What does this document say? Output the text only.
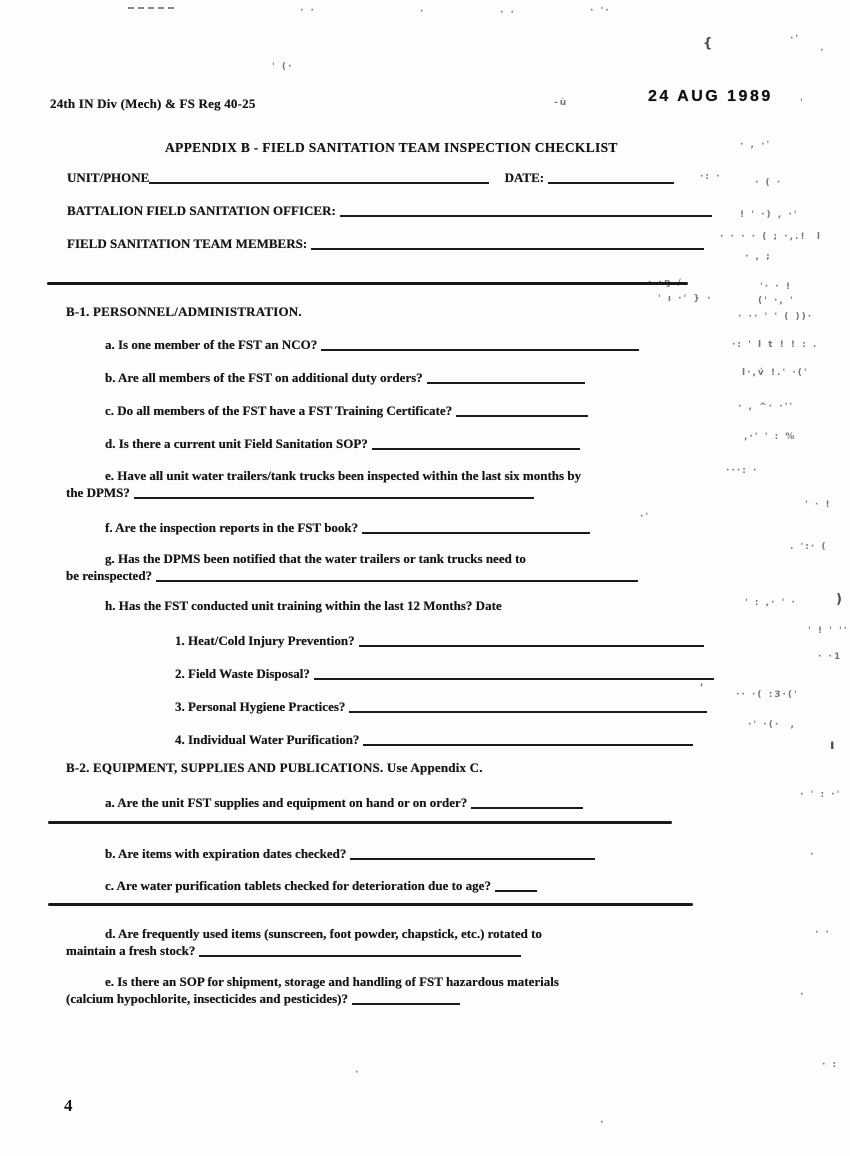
· ·	·	· ·	· '·
{	·'
·
' (·
-ù	'
· , ·'
·: ·
· ( ·
! ' ·) , ·'
· · · · ( ; ·,.!  l
· , ;
' ı ·' } ·
'· · !
(' ·, '
· ·· ' ' ( ))·
·: ' l t ! ! : .
l·,v́ !.' ·('
· , ^· ·''
,·' ' : %
···: ·
' · !
·'
. ':· (
)
' : ,· ' ·
' ! ' ''
· ·1
,
·· ·( :3·('
·' ·(·  ,
ı
· ' : ·'
·
· ·
·
· :
·
·
24th IN Div (Mech) & FS Reg 40-25	24 AUG 1989
APPENDIX B - FIELD SANITATION TEAM INSPECTION CHECKLIST
UNIT/PHONE	DATE:
BATTALION FIELD SANITATION OFFICER:
FIELD SANITATION TEAM MEMBERS:
B-1. PERSONNEL/ADMINISTRATION.
a. Is one member of the FST an NCO?
b. Are all members of the FST on additional duty orders?
c. Do all members of the FST have a FST Training Certificate?
d. Is there a current unit Field Sanitation SOP?
e. Have all unit water trailers/tank trucks been inspected within the last six months by
the DPMS?
f. Are the inspection reports in the FST book?
g. Has the DPMS been notified that the water trailers or tank trucks need to
be reinspected?
h. Has the FST conducted unit training within the last 12 Months? Date
1. Heat/Cold Injury Prevention?
2. Field Waste Disposal?
3. Personal Hygiene Practices?
4. Individual Water Purification?
B-2. EQUIPMENT, SUPPLIES AND PUBLICATIONS. Use Appendix C.
a. Are the unit FST supplies and equipment on hand or on order?
b. Are items with expiration dates checked?
c. Are water purification tablets checked for deterioration due to age?
d. Are frequently used items (sunscreen, foot powder, chapstick, etc.) rotated to
maintain a fresh stock?
e. Is there an SOP for shipment, storage and handling of FST hazardous materials
(calcium hypochlorite, insecticides and pesticides)?
4
